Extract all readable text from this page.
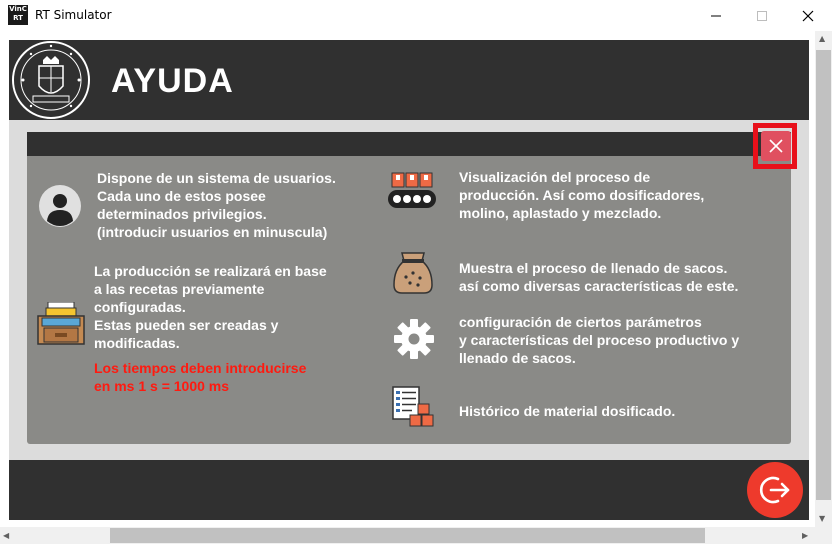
VinC RT	RT Simulator
AYUDA
Dispone de un sistema de usuarios.
Cada uno de estos posee
determinados privilegios.
(introducir usuarios en minuscula)
La producción se realizará en base
a las recetas previamente
configuradas.
Estas pueden ser creadas y
modificadas.
Los tiempos deben introducirse
en ms 1 s = 1000 ms
Visualización del proceso de
producción. Así como dosificadores,
molino, aplastado y mezclado.
Muestra el proceso de llenado de sacos.
así como diversas características de este.
configuración de ciertos parámetros
y características del proceso productivo y
llenado de sacos.
Histórico de material dosificado.
▲
▼
◀	▶
